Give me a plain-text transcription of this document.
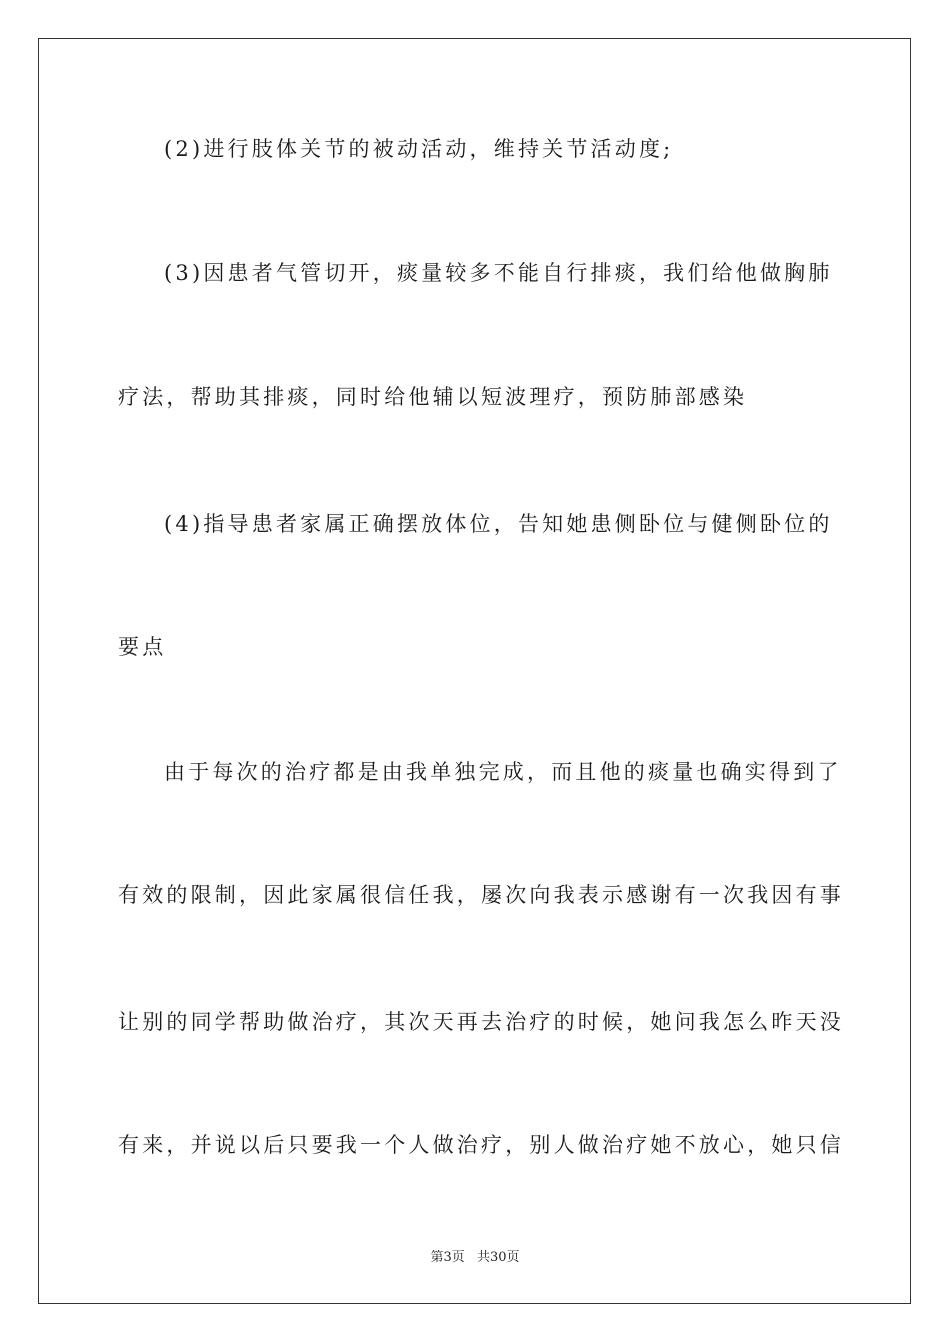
(2)进行肢体关节的被动活动，维持关节活动度;
(3)因患者气管切开，痰量较多不能自行排痰，我们给他做胸肺
疗法，帮助其排痰，同时给他辅以短波理疗，预防肺部感染
(4)指导患者家属正确摆放体位，告知她患侧卧位与健侧卧位的
要点
由于每次的治疗都是由我单独完成，而且他的痰量也确实得到了
有效的限制，因此家属很信任我，屡次向我表示感谢有一次我因有事
让别的同学帮助做治疗，其次天再去治疗的时候，她问我怎么昨天没
有来，并说以后只要我一个人做治疗，别人做治疗她不放心，她只信
第3页 共30页
